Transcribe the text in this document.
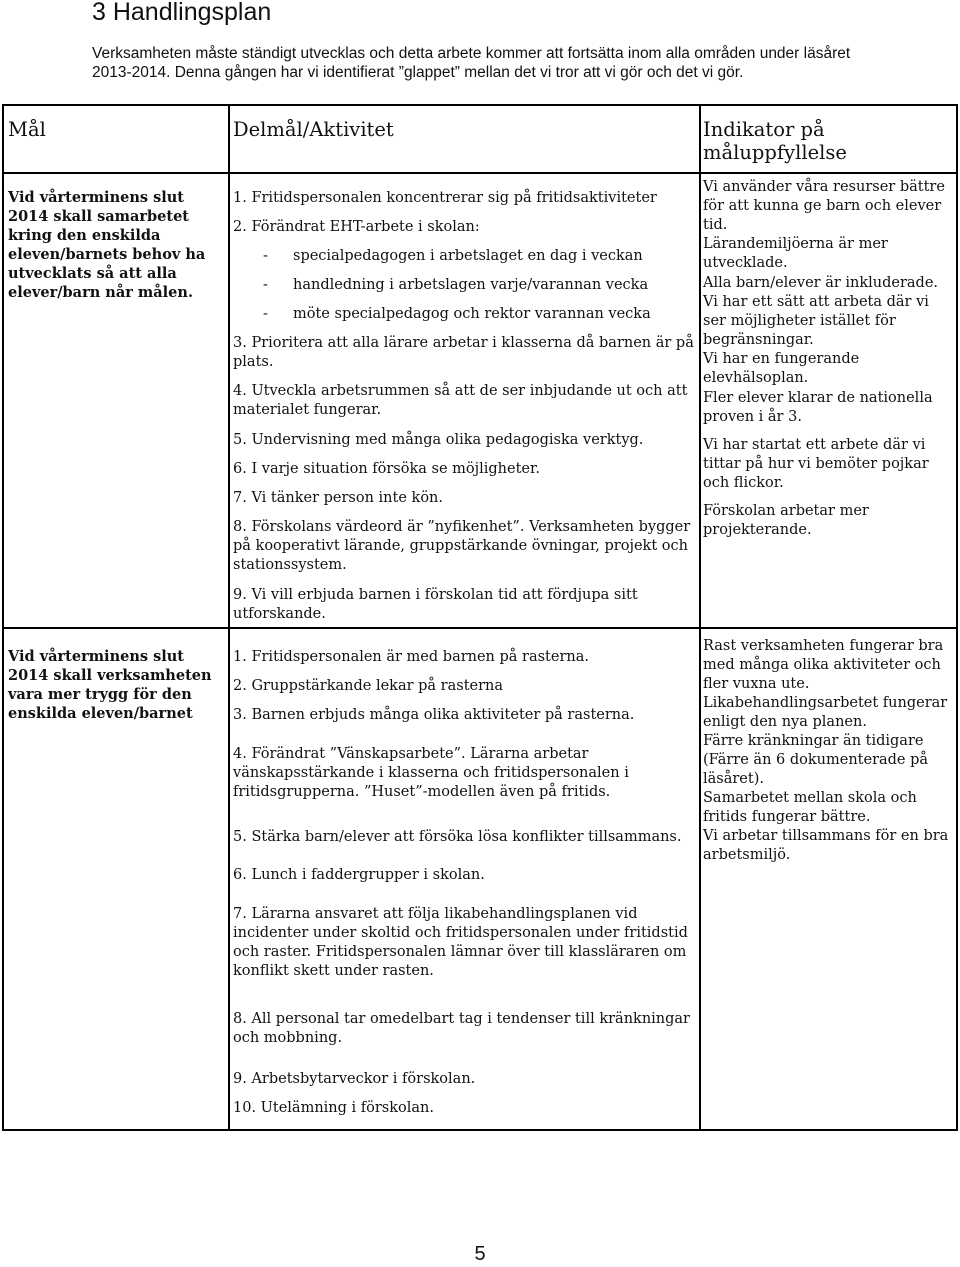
3 Handlingsplan

Verksamheten måste ständigt utvecklas och detta arbete kommer att fortsätta inom alla områden under läsåret 2013-2014. Denna gången har vi identifierat ”glappet” mellan det vi tror att vi gör och det vi gör.

Mål	Delmål/Aktivitet	Indikator på måluppfyllelse
Vid vårterminens slut 2014 skall samarbetet kring den enskilda eleven/barnets behov ha utvecklats så att alla elever/barn når målen.
1. Fritidspersonalen koncentrerar sig på fritidsaktiviteter
2. Förändrat EHT-arbete i skolan:
- specialpedagogen i arbetslaget en dag i veckan
- handledning i arbetslagen varje/varannan vecka
- möte specialpedagog och rektor varannan vecka
3. Prioritera att alla lärare arbetar i klasserna då barnen är på plats.
4. Utveckla arbetsrummen så att de ser inbjudande ut och att materialet fungerar.
5. Undervisning med många olika pedagogiska verktyg.
6. I varje situation försöka se möjligheter.
7. Vi tänker person inte kön.
8. Förskolans värdeord är ”nyfikenhet”. Verksamheten bygger på kooperativt lärande, gruppstärkande övningar, projekt och stationssystem.
9. Vi vill erbjuda barnen i förskolan tid att fördjupa sitt utforskande.
Vi använder våra resurser bättre för att kunna ge barn och elever tid.
Lärandemiljöerna är mer utvecklade.
Alla barn/elever är inkluderade.
Vi har ett sätt att arbeta där vi ser möjligheter istället för begränsningar.
Vi har en fungerande elevhälsoplan.
Fler elever klarar de nationella proven i år 3.
Vi har startat ett arbete där vi tittar på hur vi bemöter pojkar och flickor.
Förskolan arbetar mer projekterande.
Vid vårterminens slut 2014 skall verksamheten vara mer trygg för den enskilda eleven/barnet
1. Fritidspersonalen är med barnen på rasterna.
2. Gruppstärkande lekar på rasterna
3. Barnen erbjuds många olika aktiviteter på rasterna.
4. Förändrat ”Vänskapsarbete”. Lärarna arbetar vänskapsstärkande i klasserna och fritidspersonalen i fritidsgrupperna. ”Huset”-modellen även på fritids.
5. Stärka barn/elever att försöka lösa konflikter tillsammans.
6. Lunch i faddergrupper i skolan.
7. Lärarna ansvaret att följa likabehandlingsplanen vid incidenter under skoltid och fritidspersonalen under fritidstid och raster. Fritidspersonalen lämnar över till klassläraren om konflikt skett under rasten.
8. All personal tar omedelbart tag i tendenser till kränkningar och mobbning.
9. Arbetsbytarveckor i förskolan.
10. Utelämning i förskolan.
Rast verksamheten fungerar bra med många olika aktiviteter och fler vuxna ute.
Likabehandlingsarbetet fungerar enligt den nya planen.
Färre kränkningar än tidigare (Färre än 6 dokumenterade på läsåret).
Samarbetet mellan skola och fritids fungerar bättre.
Vi arbetar tillsammans för en bra arbetsmiljö.
5
